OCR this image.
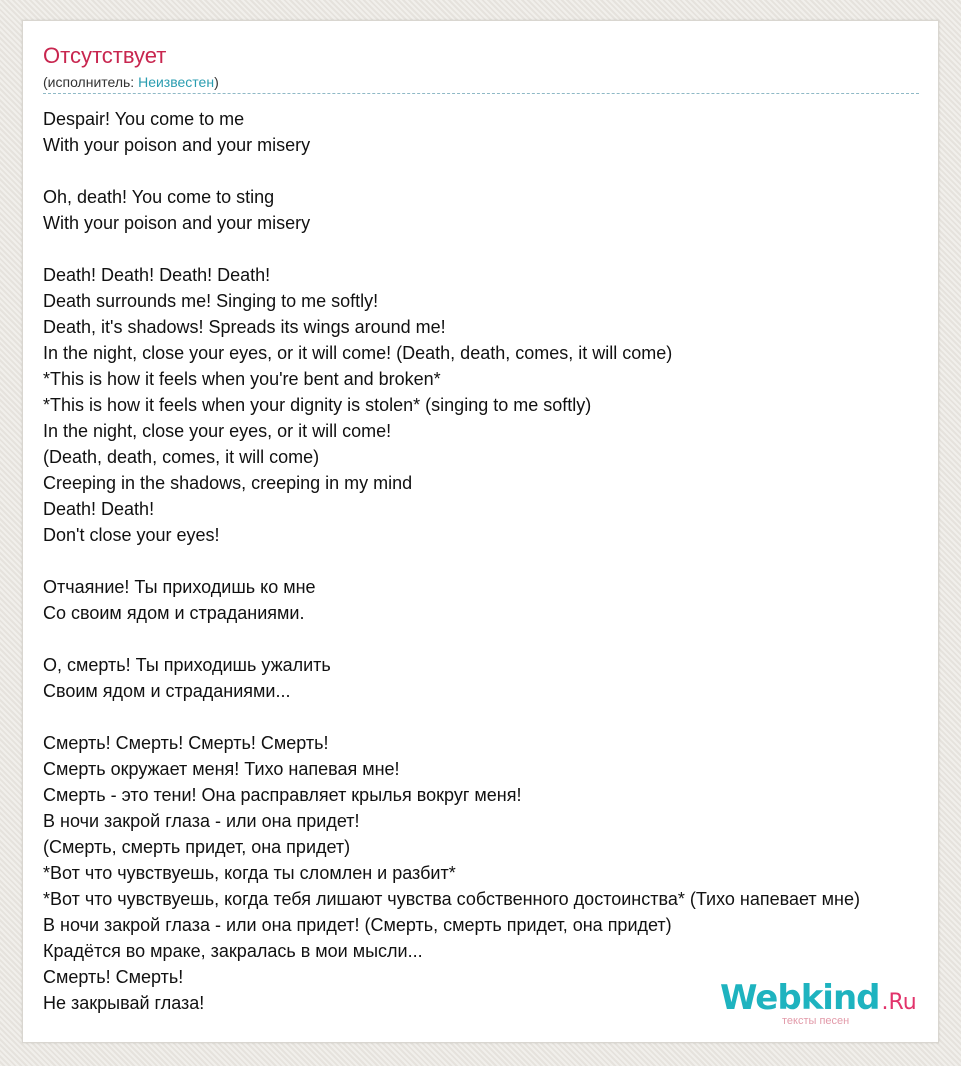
Отсутствует
(исполнитель: Неизвестен)
Despair! You come to me
With your poison and your misery
Oh, death! You come to sting
With your poison and your misery
Death! Death! Death! Death!
Death surrounds me! Singing to me softly!
Death, it's shadows! Spreads its wings around me!
In the night, close your eyes, or it will come! (Death, death, comes, it will come)
*This is how it feels when you're bent and broken*
*This is how it feels when your dignity is stolen* (singing to me softly)
In the night, close your eyes, or it will come!
(Death, death, comes, it will come)
Creeping in the shadows, creeping in my mind
Death! Death!
Don't close your eyes!
Отчаяние! Ты приходишь ко мне
Со своим ядом и страданиями.
О, смерть! Ты приходишь ужалить
Своим ядом и страданиями...
Смерть! Смерть! Смерть! Смерть!
Смерть окружает меня! Тихо напевая мне!
Смерть - это тени! Она расправляет крылья вокруг меня!
В ночи закрой глаза - или она придет!
(Смерть, смерть придет, она придет)
*Вот что чувствуешь, когда ты сломлен и разбит*
*Вот что чувствуешь, когда тебя лишают чувства собственного достоинства* (Тихо напевает мне)
В ночи закрой глаза - или она придет! (Смерть, смерть придет, она придет)
Крадётся во мраке, закралась в мои мысли...
Смерть! Смерть!
Не закрывай глаза!	Webkind.Ru
тексты песен
